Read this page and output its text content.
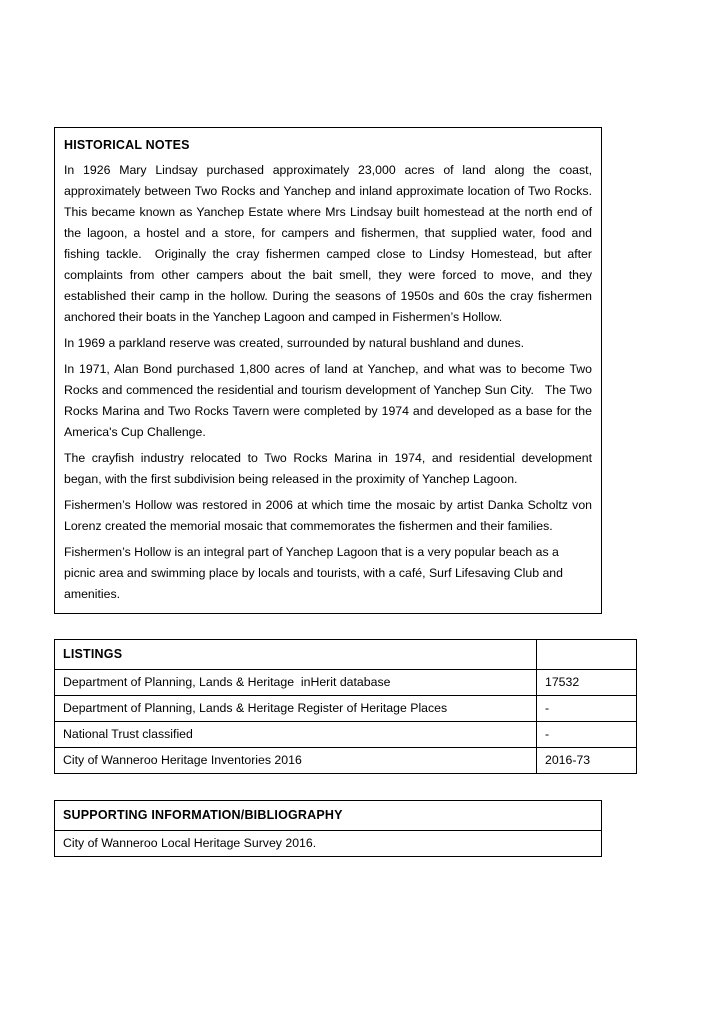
HISTORICAL NOTES

In 1926 Mary Lindsay purchased approximately 23,000 acres of land along the coast, approximately between Two Rocks and Yanchep and inland approximate location of Two Rocks. This became known as Yanchep Estate where Mrs Lindsay built homestead at the north end of the lagoon, a hostel and a store, for campers and fishermen, that supplied water, food and fishing tackle.  Originally the cray fishermen camped close to Lindsy Homestead, but after complaints from other campers about the bait smell, they were forced to move, and they established their camp in the hollow. During the seasons of 1950s and 60s the cray fishermen anchored their boats in the Yanchep Lagoon and camped in Fishermen’s Hollow.

In 1969 a parkland reserve was created, surrounded by natural bushland and dunes.

In 1971, Alan Bond purchased 1,800 acres of land at Yanchep, and what was to become Two Rocks and commenced the residential and tourism development of Yanchep Sun City.   The Two Rocks Marina and Two Rocks Tavern were completed by 1974 and developed as a base for the America's Cup Challenge.

The crayfish industry relocated to Two Rocks Marina in 1974, and residential development began, with the first subdivision being released in the proximity of Yanchep Lagoon.

Fishermen’s Hollow was restored in 2006 at which time the mosaic by artist Danka Scholtz von Lorenz created the memorial mosaic that commemorates the fishermen and their families.

Fishermen’s Hollow is an integral part of Yanchep Lagoon that is a very popular beach as a picnic area and swimming place by locals and tourists, with a café, Surf Lifesaving Club and amenities.

LISTINGS	
Department of Planning, Lands & Heritage  inHerit database	17532
Department of Planning, Lands & Heritage Register of Heritage Places	-
National Trust classified	-
City of Wanneroo Heritage Inventories 2016	2016-73
SUPPORTING INFORMATION/BIBLIOGRAPHY
City of Wanneroo Local Heritage Survey 2016.
